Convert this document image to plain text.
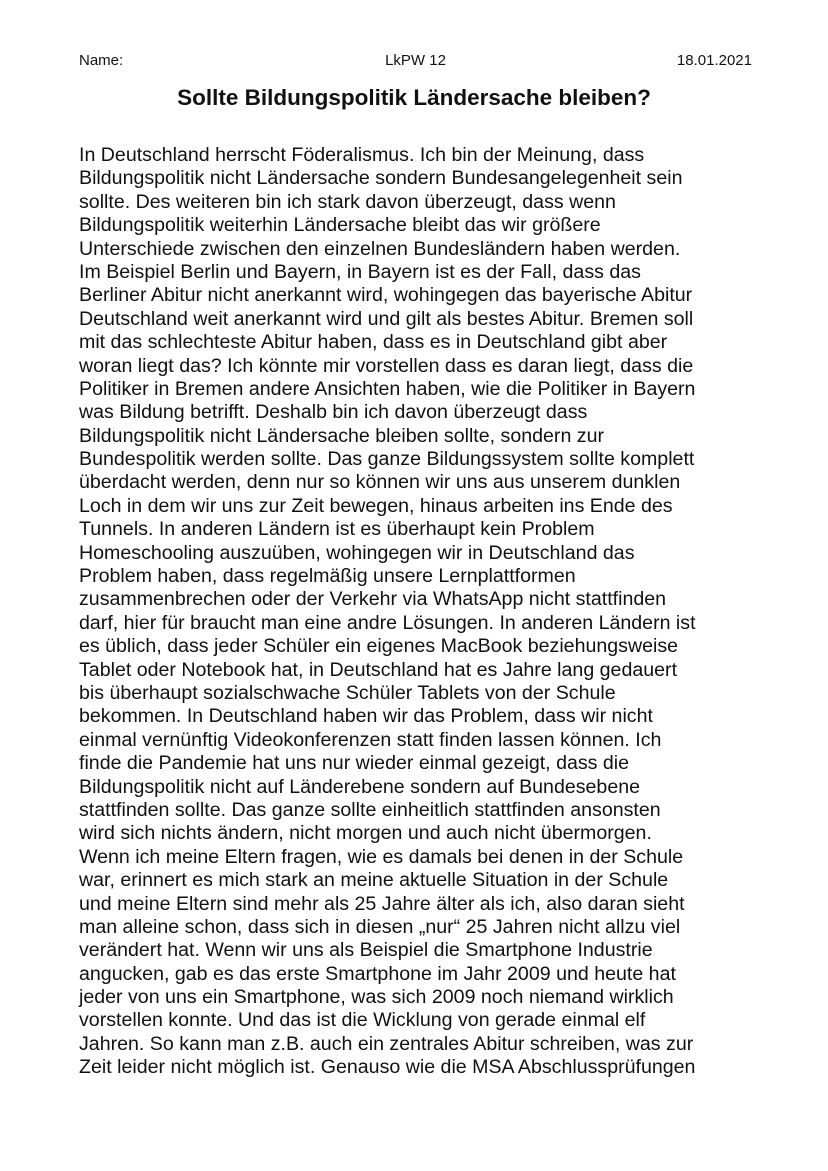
Name:	LkPW 12	18.01.2021
Sollte Bildungspolitik Ländersache bleiben?
In Deutschland herrscht Föderalismus. Ich bin der Meinung, dass
Bildungspolitik nicht Ländersache sondern Bundesangelegenheit sein
sollte. Des weiteren bin ich stark davon überzeugt, dass wenn
Bildungspolitik weiterhin Ländersache bleibt das wir größere
Unterschiede zwischen den einzelnen Bundesländern haben werden.
Im Beispiel Berlin und Bayern, in Bayern ist es der Fall, dass das
Berliner Abitur nicht anerkannt wird, wohingegen das bayerische Abitur
Deutschland weit anerkannt wird und gilt als bestes Abitur. Bremen soll
mit das schlechteste Abitur haben, dass es in Deutschland gibt aber
woran liegt das? Ich könnte mir vorstellen dass es daran liegt, dass die
Politiker in Bremen andere Ansichten haben, wie die Politiker in Bayern
was Bildung betrifft. Deshalb bin ich davon überzeugt dass
Bildungspolitik nicht Ländersache bleiben sollte, sondern zur
Bundespolitik werden sollte. Das ganze Bildungssystem sollte komplett
überdacht werden, denn nur so können wir uns aus unserem dunklen
Loch in dem wir uns zur Zeit bewegen, hinaus arbeiten ins Ende des
Tunnels. In anderen Ländern ist es überhaupt kein Problem
Homeschooling auszuüben, wohingegen wir in Deutschland das
Problem haben, dass regelmäßig unsere Lernplattformen
zusammenbrechen oder der Verkehr via WhatsApp nicht stattfinden
darf, hier für braucht man eine andre Lösungen. In anderen Ländern ist
es üblich, dass jeder Schüler ein eigenes MacBook beziehungsweise
Tablet oder Notebook hat, in Deutschland hat es Jahre lang gedauert
bis überhaupt sozialschwache Schüler Tablets von der Schule
bekommen. In Deutschland haben wir das Problem, dass wir nicht
einmal vernünftig Videokonferenzen statt finden lassen können. Ich
finde die Pandemie hat uns nur wieder einmal gezeigt, dass die
Bildungspolitik nicht auf Länderebene sondern auf Bundesebene
stattfinden sollte. Das ganze sollte einheitlich stattfinden ansonsten
wird sich nichts ändern, nicht morgen und auch nicht übermorgen.
Wenn ich meine Eltern fragen, wie es damals bei denen in der Schule
war, erinnert es mich stark an meine aktuelle Situation in der Schule
und meine Eltern sind mehr als 25 Jahre älter als ich, also daran sieht
man alleine schon, dass sich in diesen „nur“ 25 Jahren nicht allzu viel
verändert hat. Wenn wir uns als Beispiel die Smartphone Industrie
angucken, gab es das erste Smartphone im Jahr 2009 und heute hat
jeder von uns ein Smartphone, was sich 2009 noch niemand wirklich
vorstellen konnte. Und das ist die Wicklung von gerade einmal elf
Jahren. So kann man z.B. auch ein zentrales Abitur schreiben, was zur
Zeit leider nicht möglich ist. Genauso wie die MSA Abschlussprüfungen
